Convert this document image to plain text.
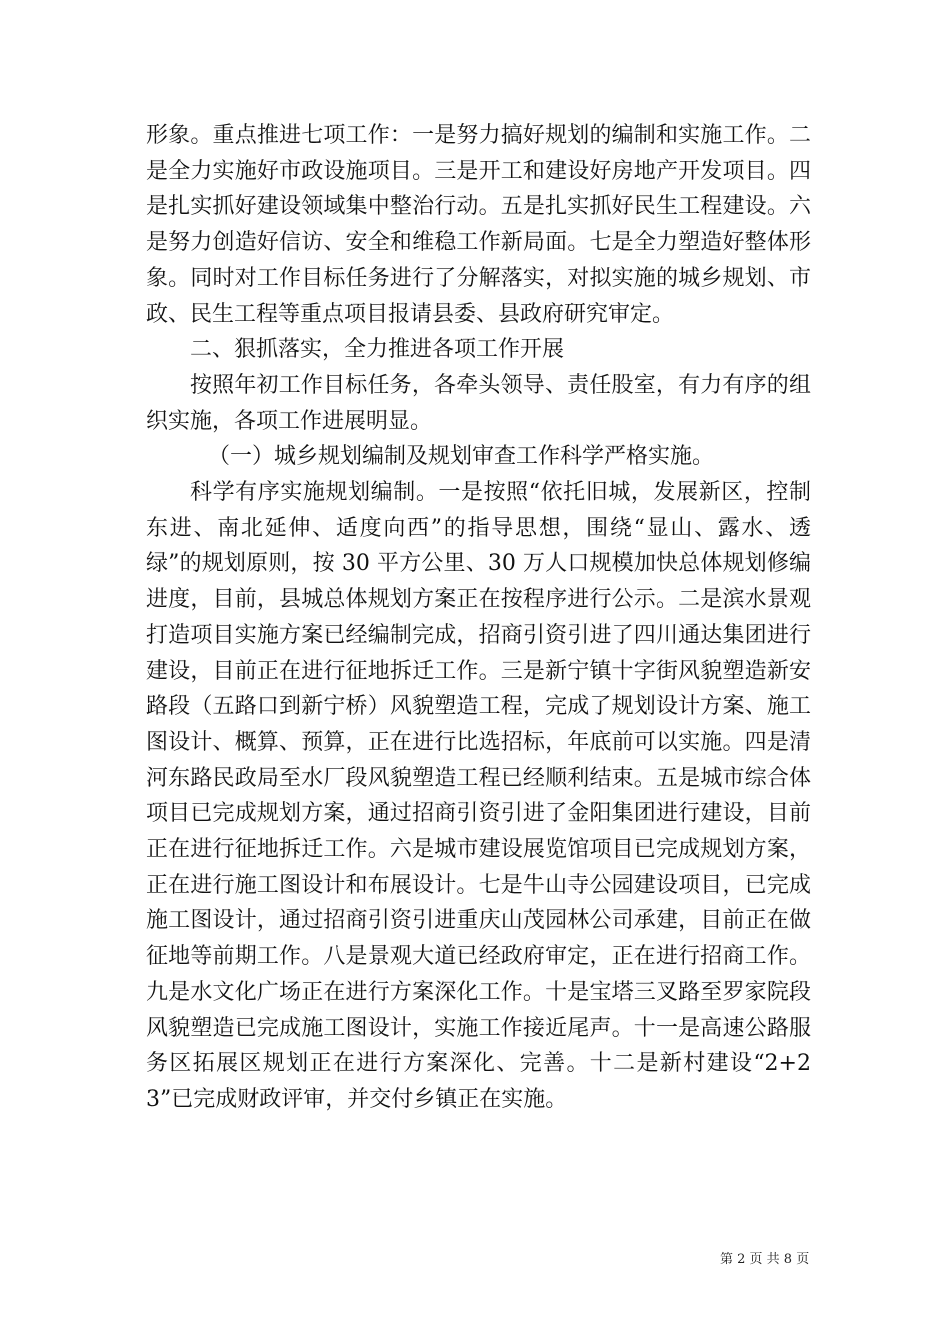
形象。重点推进七项工作：一是努力搞好规划的编制和实施工作。二是全力实施好市政设施项目。三是开工和建设好房地产开发项目。四是扎实抓好建设领域集中整治行动。五是扎实抓好民生工程建设。六是努力创造好信访、安全和维稳工作新局面。七是全力塑造好整体形象。同时对工作目标任务进行了分解落实，对拟实施的城乡规划、市政、民生工程等重点项目报请县委、县政府研究审定。

二、狠抓落实，全力推进各项工作开展

按照年初工作目标任务，各牵头领导、责任股室，有力有序的组织实施，各项工作进展明显。

（一）城乡规划编制及规划审查工作科学严格实施。

科学有序实施规划编制。一是按照“依托旧城，发展新区，控制东进、南北延伸、适度向西”的指导思想，围绕“显山、露水、透绿”的规划原则，按 30 平方公里、30 万人口规模加快总体规划修编进度，目前，县城总体规划方案正在按程序进行公示。二是滨水景观打造项目实施方案已经编制完成，招商引资引进了四川通达集团进行建设，目前正在进行征地拆迁工作。三是新宁镇十字街风貌塑造新安路段（五路口到新宁桥）风貌塑造工程，完成了规划设计方案、施工图设计、概算、预算，正在进行比选招标，年底前可以实施。四是清河东路民政局至水厂段风貌塑造工程已经顺利结束。五是城市综合体项目已完成规划方案，通过招商引资引进了金阳集团进行建设，目前正在进行征地拆迁工作。六是城市建设展览馆项目已完成规划方案，正在进行施工图设计和布展设计。七是牛山寺公园建设项目，已完成施工图设计，通过招商引资引进重庆山茂园林公司承建，目前正在做征地等前期工作。八是景观大道已经政府审定，正在进行招商工作。九是水文化广场正在进行方案深化工作。十是宝塔三叉路至罗家院段风貌塑造已完成施工图设计，实施工作接近尾声。十一是高速公路服务区拓展区规划正在进行方案深化、完善。十二是新村建设“2+23”已完成财政评审，并交付乡镇正在实施。

第 2 页 共 8 页
